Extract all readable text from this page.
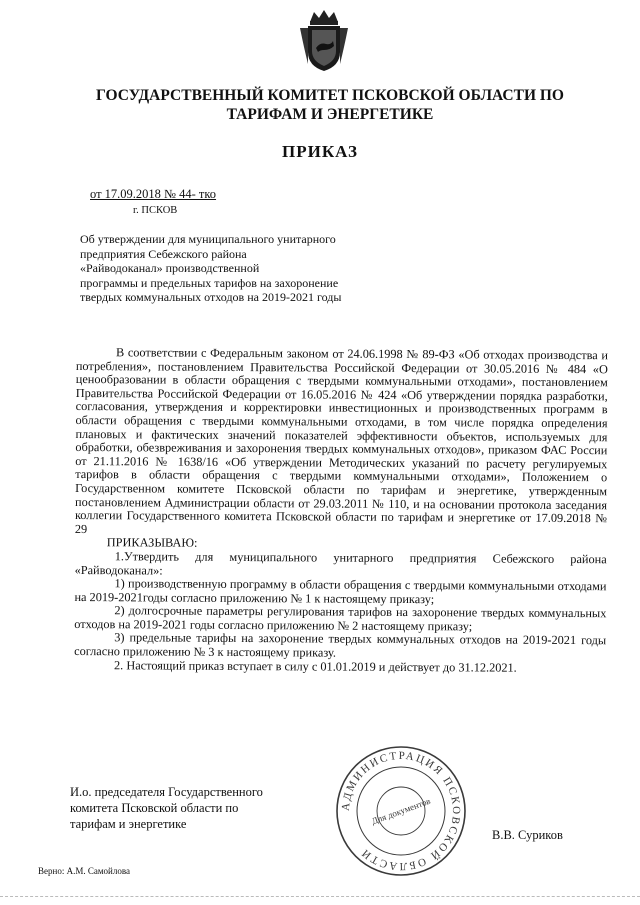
ГОСУДАРСТВЕННЫЙ КОМИТЕТ ПСКОВСКОЙ ОБЛАСТИ ПО
ТАРИФАМ И ЭНЕРГЕТИКЕ
ПРИКАЗ
от 17.09.2018 № 44- тко
г. ПСКОВ
Об утверждении для муниципального унитарного
предприятия Себежского района
«Райводоканал» производственной
программы и предельных тарифов на захоронение
твердых коммунальных отходов на 2019-2021 годы

В соответствии с Федеральным законом от 24.06.1998 № 89-ФЗ «Об отходах производства и потребления», постановлением Правительства Российской Федерации от 30.05.2016 № 484 «О ценообразовании в области обращения с твердыми коммунальными отходами», постановлением Правительства Российской Федерации от 16.05.2016 № 424 «Об утверждении порядка разработки, согласования, утверждения и корректировки инвестиционных и производственных программ в области обращения с твердыми коммунальными отходами, в том числе порядка определения плановых и фактических значений показателей эффективности объектов, используемых для обработки, обезвреживания и захоронения твердых коммунальных отходов», приказом ФАС России от 21.11.2016 № 1638/16 «Об утверждении Методических указаний по расчету регулируемых тарифов в области обращения с твердыми коммунальными отходами», Положением о Государственном комитете Псковской области по тарифам и энергетике, утвержденным постановлением Администрации области от 29.03.2011 № 110, и на основании протокола заседания коллегии Государственного комитета Псковской области по тарифам и энергетике от 17.09.2018 № 29

ПРИКАЗЫВАЮ:

1.Утвердить для муниципального унитарного предприятия Себежского района «Райводоканал»:

1) производственную программу в области обращения с твердыми коммунальными отходами на 2019-2021годы согласно приложению № 1 к настоящему приказу;

2) долгосрочные параметры регулирования тарифов на захоронение твердых коммунальных отходов на 2019-2021 годы согласно приложению № 2 настоящему приказу;

3) предельные тарифы на захоронение твердых коммунальных отходов на 2019-2021 годы согласно приложению № 3 к настоящему приказу.

2. Настоящий приказ вступает в силу с 01.01.2019 и действует до 31.12.2021.

АДМИНИСТРАЦИЯ ПСКОВСКОЙ ОБЛАСТИ
Для документов
И.о. председателя Государственного
комитета Псковской области по
тарифам и энергетике
В.В. Суриков
Верно: А.М. Самойлова
